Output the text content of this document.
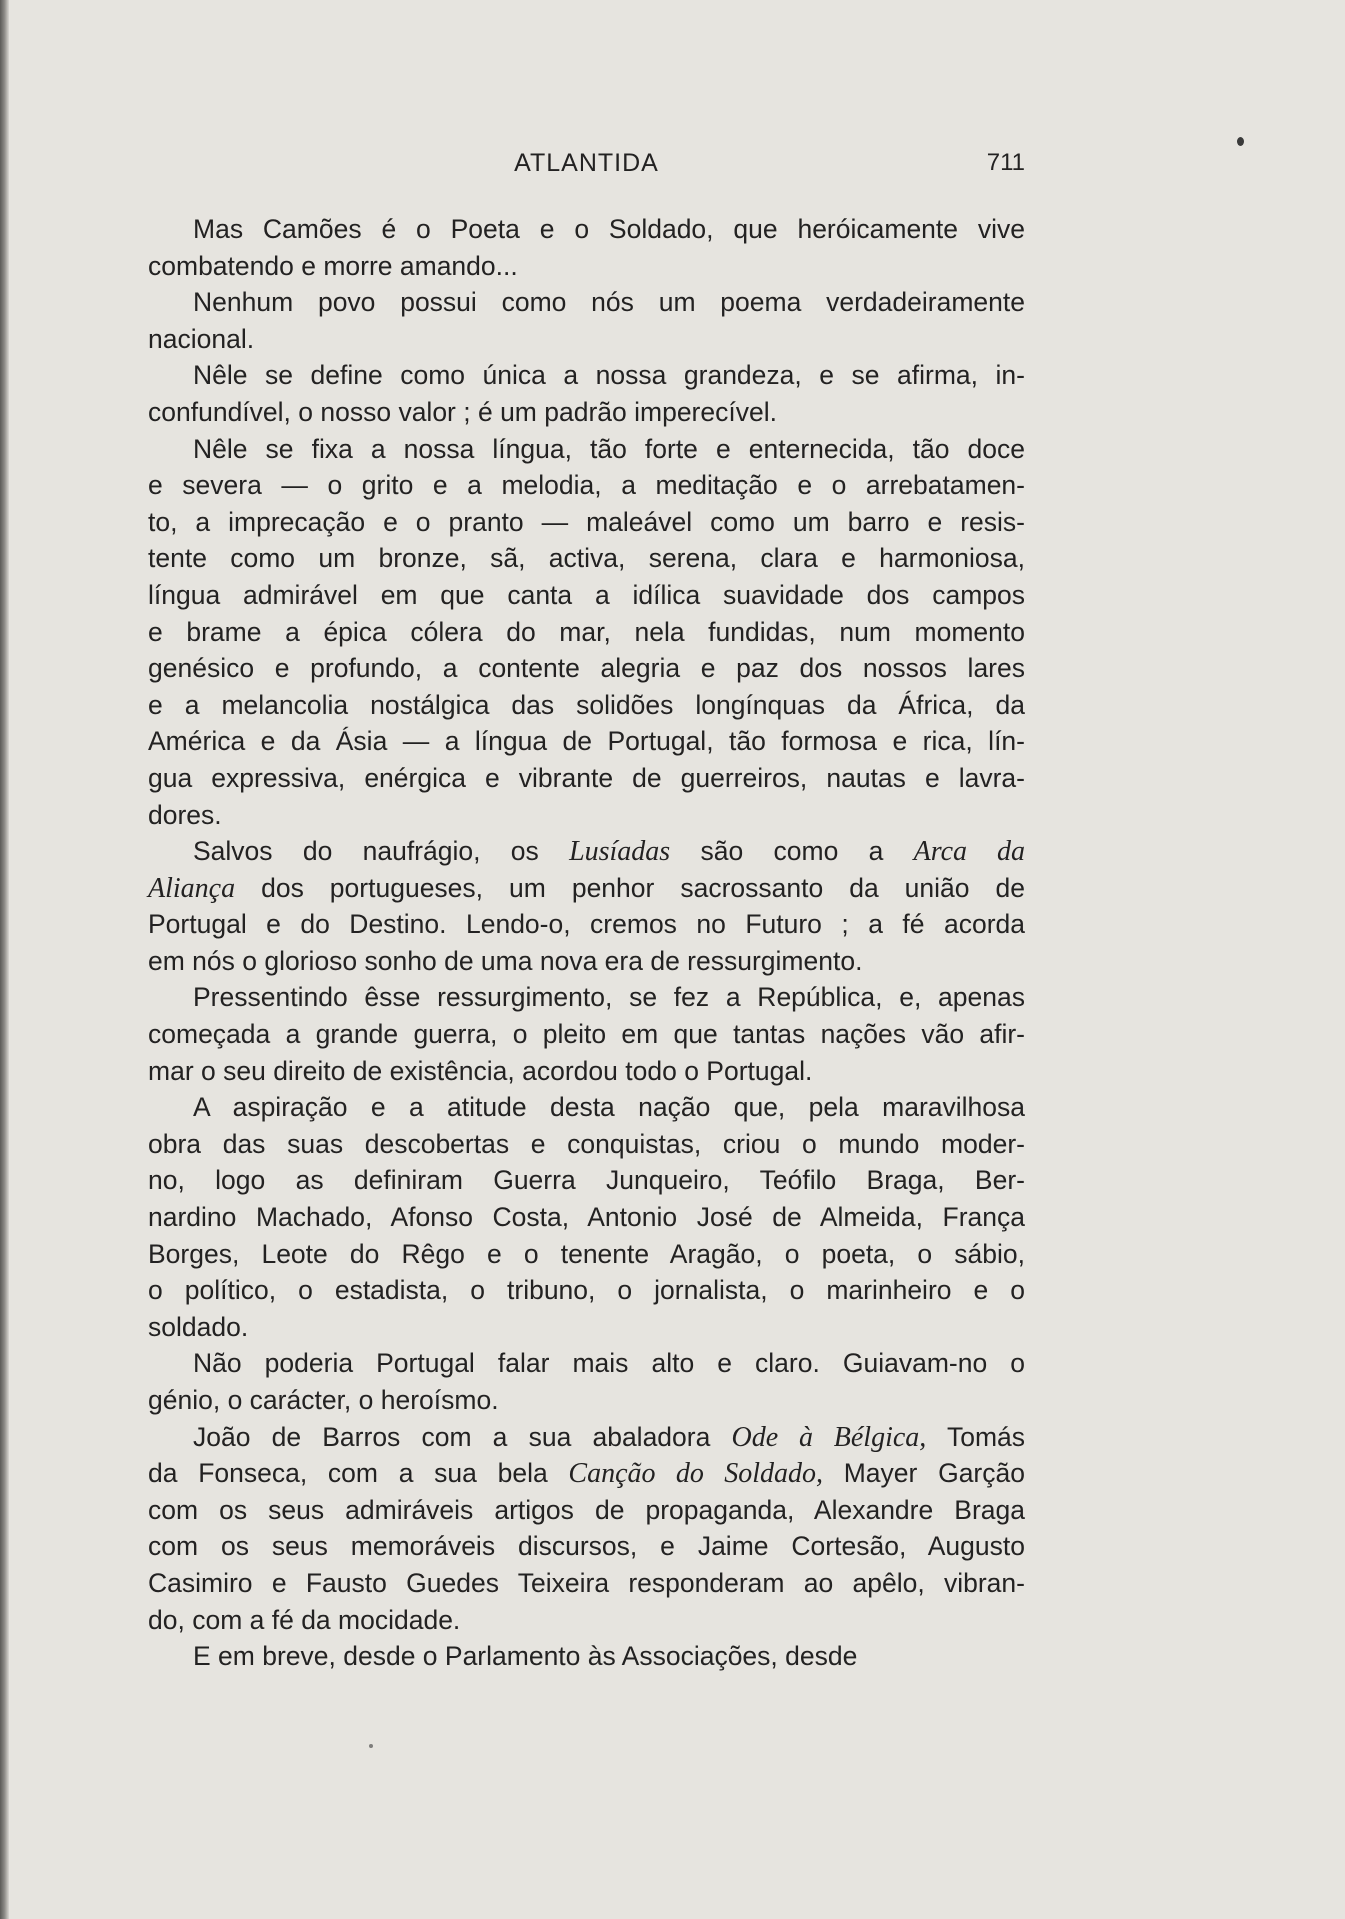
ATLANTIDA	711
Mas Camões é o Poeta e o Soldado, que heróicamente vive
combatendo e morre amando...
Nenhum povo possui como nós um poema verdadeiramente
nacional.
Nêle se define como única a nossa grandeza, e se afirma, in-
confundível, o nosso valor ; é um padrão imperecível.
Nêle se fixa a nossa língua, tão forte e enternecida, tão doce
e severa — o grito e a melodia, a meditação e o arrebatamen-
to, a imprecação e o pranto — maleável como um barro e resis-
tente como um bronze, sã, activa, serena, clara e harmoniosa,
língua admirável em que canta a idílica suavidade dos campos
e brame a épica cólera do mar, nela fundidas, num momento
genésico e profundo, a contente alegria e paz dos nossos lares
e a melancolia nostálgica das solidões longínquas da África, da
América e da Ásia — a língua de Portugal, tão formosa e rica, lín-
gua expressiva, enérgica e vibrante de guerreiros, nautas e lavra-
dores.
Salvos do naufrágio, os Lusíadas são como a Arca da
Aliança dos portugueses, um penhor sacrossanto da união de
Portugal e do Destino. Lendo-o, cremos no Futuro ; a fé acorda
em nós o glorioso sonho de uma nova era de ressurgimento.
Pressentindo êsse ressurgimento, se fez a República, e, apenas
começada a grande guerra, o pleito em que tantas nações vão afir-
mar o seu direito de existência, acordou todo o Portugal.
A aspiração e a atitude desta nação que, pela maravilhosa
obra das suas descobertas e conquistas, criou o mundo moder-
no, logo as definiram Guerra Junqueiro, Teófilo Braga, Ber-
nardino Machado, Afonso Costa, Antonio José de Almeida, França
Borges, Leote do Rêgo e o tenente Aragão, o poeta, o sábio,
o político, o estadista, o tribuno, o jornalista, o marinheiro e o
soldado.
Não poderia Portugal falar mais alto e claro. Guiavam-no o
génio, o carácter, o heroísmo.
João de Barros com a sua abaladora Ode à Bélgica, Tomás
da Fonseca, com a sua bela Canção do Soldado, Mayer Garção
com os seus admiráveis artigos de propaganda, Alexandre Braga
com os seus memoráveis discursos, e Jaime Cortesão, Augusto
Casimiro e Fausto Guedes Teixeira responderam ao apêlo, vibran-
do, com a fé da mocidade.
E em breve, desde o Parlamento às Associações, desde
